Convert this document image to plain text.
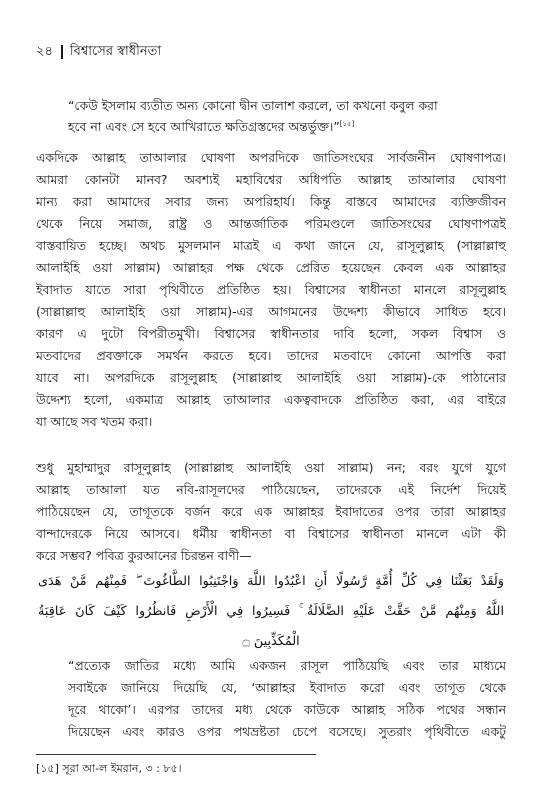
২৪ বিশ্বাসের স্বাধীনতা
“কেউ ইসলাম ব্যতীত অন্য কোনো দ্বীন তালাশ করলে, তা কখনো কবুল করা
হবে না এবং সে হবে আখিরাতে ক্ষতিগ্রস্তদের অন্তর্ভুক্ত।”[১৫]
একদিকে আল্লাহ তাআলার ঘোষণা অপরদিকে জাতিসংঘের সার্বজনীন ঘোষণাপত্র।
আমরা কোনটা মানব? অবশ্যই মহাবিশ্বের অধিপতি আল্লাহ তাআলার ঘোষণা
মান্য করা আমাদের সবার জন্য অপরিহার্য। কিন্তু বাস্তবে আমাদের ব্যক্তিজীবন
থেকে নিয়ে সমাজ, রাষ্ট্র ও আন্তর্জাতিক পরিমণ্ডলে জাতিসংঘের ঘোষণাপত্রই
বাস্তবায়িত হচ্ছে। অথচ মুসলমান মাত্রই এ কথা জানে যে, রাসূলুল্লাহ (সাল্লাল্লাহু
আলাইহি ওয়া সাল্লাম) আল্লাহর পক্ষ থেকে প্রেরিত হয়েছেন কেবল এক আল্লাহর
ইবাদাত যাতে সারা পৃথিবীতে প্রতিষ্ঠিত হয়। বিশ্বাসের স্বাধীনতা মানলে রাসূলুল্লাহ
(সাল্লাল্লাহু আলাইহি ওয়া সাল্লাম)-এর আগমনের উদ্দেশ্য কীভাবে সাধিত হবে।
কারণ এ দুটো বিপরীতমুখী। বিশ্বাসের স্বাধীনতার দাবি হলো, সকল বিশ্বাস ও
মতবাদের প্রবক্তাকে সমর্থন করতে হবে। তাদের মতবাদে কোনো আপত্তি করা
যাবে না। অপরদিকে রাসূলুল্লাহ (সাল্লাল্লাহু আলাইহি ওয়া সাল্লাম)-কে পাঠানোর
উদ্দেশ্য হলো, একমাত্র আল্লাহ তাআলার একত্ববাদকে প্রতিষ্ঠিত করা, এর বাইরে
যা আছে সব খতম করা।
শুধু মুহাম্মাদুর রাসূলুল্লাহ (সাল্লাল্লাহু আলাইহি ওয়া সাল্লাম) নন; বরং যুগে যুগে
আল্লাহ তাআলা যত নবি-রাসূলদের পাঠিয়েছেন, তাদেরকে এই নির্দেশ দিয়েই
পাঠিয়েছেন যে, তাগূতকে বর্জন করে এক আল্লাহর ইবাদাতের ওপর তারা আল্লাহর
বান্দাদেরকে নিয়ে আসবে। ধর্মীয় স্বাধীনতা বা বিশ্বাসের স্বাধীনতা মানলে এটা কী
করে সম্ভব? পবিত্র কুরআনের চিরন্তন বাণী—
وَلَقَدْ بَعَثْنَا فِي كُلِّ أُمَّةٍ رَّسُولًا أَنِ اعْبُدُوا اللَّهَ وَاجْتَنِبُوا الطَّاغُوتَ ۖ فَمِنْهُم مَّنْ هَدَى
اللَّهُ وَمِنْهُم مَّنْ حَقَّتْ عَلَيْهِ الضَّلَالَةُ ۚ فَسِيرُوا فِي الْأَرْضِ فَانظُرُوا كَيْفَ كَانَ عَاقِبَةُ
الْمُكَذِّبِينَ ۝
“প্রত্যেক জাতির মধ্যে আমি একজন রাসূল পাঠিয়েছি এবং তার মাধ্যমে
সবাইকে জানিয়ে দিয়েছি যে, ‘আল্লাহর ইবাদাত করো এবং তাগূত থেকে
দূরে থাকো’। এরপর তাদের মধ্য থেকে কাউকে আল্লাহ সঠিক পথের সন্ধান
দিয়েছেন এবং কারও ওপর পথভ্রষ্টতা চেপে বসেছে। সুতরাং পৃথিবীতে একটু
[১৫] সূরা আ-ল ইমরান, ৩ : ৮৫।
